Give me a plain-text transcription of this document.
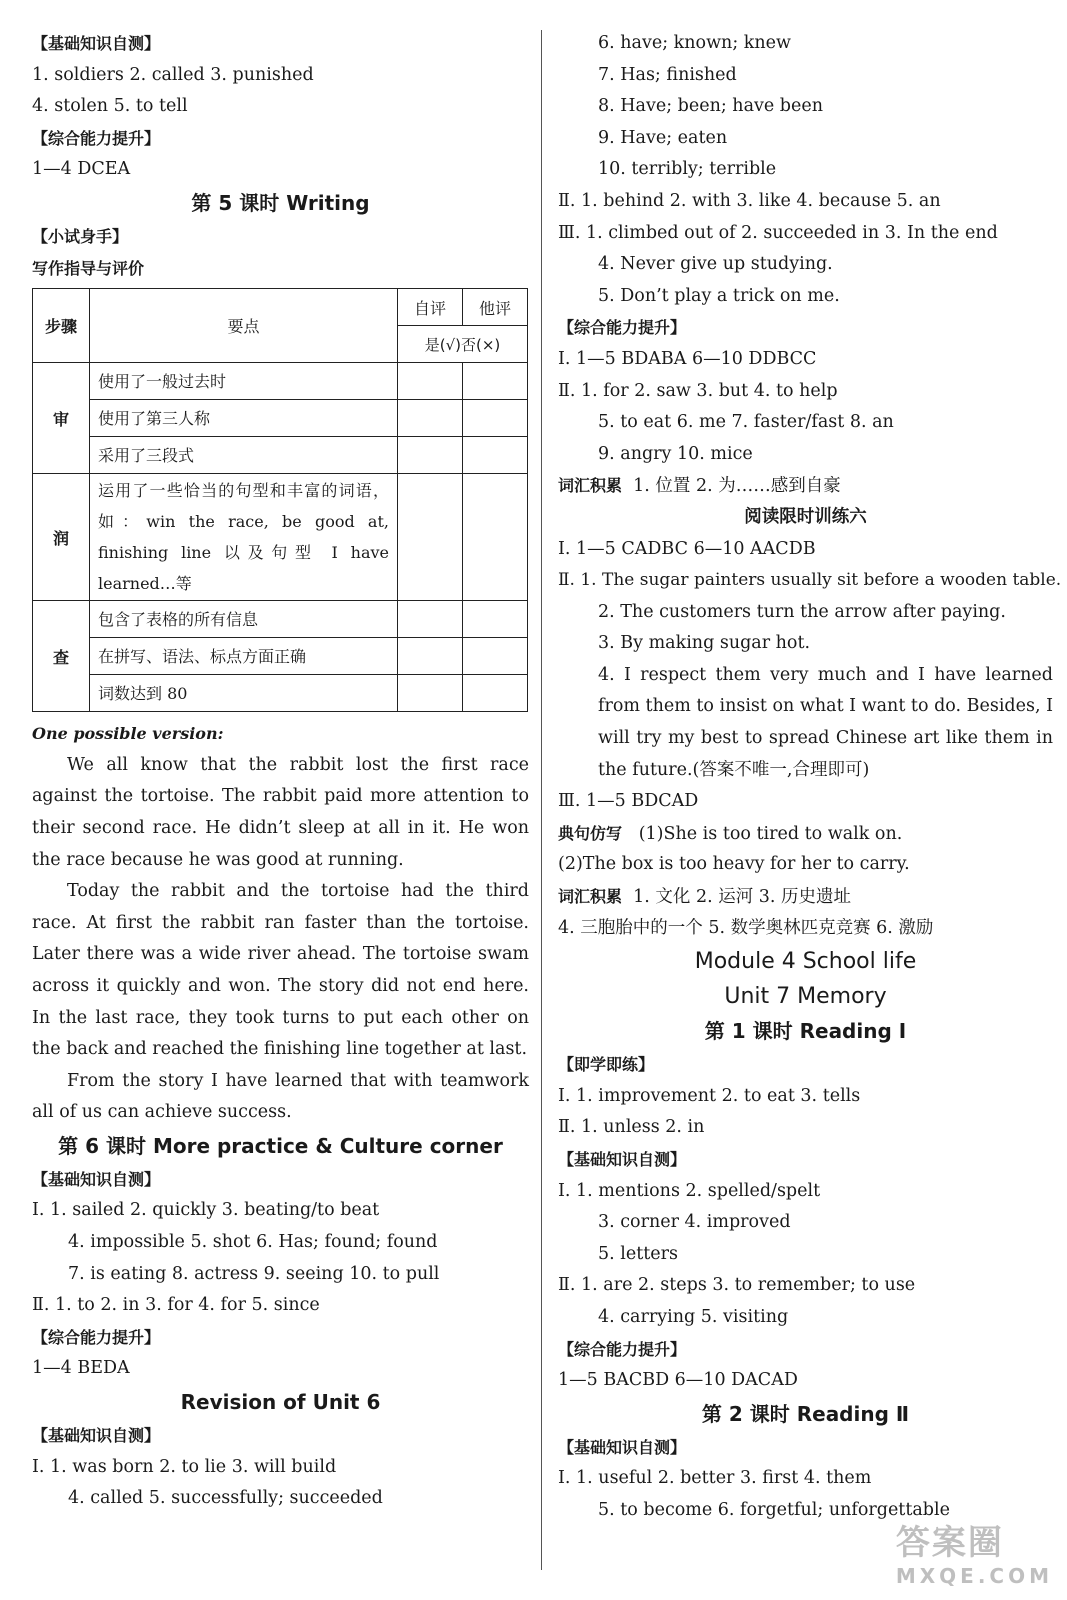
【基础知识自测】
1. soldiers 2. called 3. punished
4. stolen 5. to tell
【综合能力提升】
1—4 DCEA
第 5 课时 Writing
【小试身手】
写作指导与评价
步骤	要点	自评	他评
		是(√)否(×)	
审	使用了一般过去时		
	使用了第三人称		
	采用了三段式		
润	运用了一些恰当的句型和丰富的词语，如：win the race, be good at, finishing line 以及句型 I have learned…等		
查	包含了表格的所有信息		
	在拼写、语法、标点方面正确		
	词数达到 80		
One possible version:

We all know that the rabbit lost the first race against the tortoise. The rabbit paid more attention to their second race. He didn’t sleep at all in it. He won the race because he was good at running.

Today the rabbit and the tortoise had the third race. At first the rabbit ran faster than the tortoise. Later there was a wide river ahead. The tortoise swam across it quickly and won. The story did not end here. In the last race, they took turns to put each other on the back and reached the finishing line together at last.

From the story I have learned that with teamwork all of us can achieve success.

第 6 课时 More practice & Culture corner
【基础知识自测】
Ⅰ. 1. sailed 2. quickly 3. beating/to beat
4. impossible 5. shot 6. Has; found; found
7. is eating 8. actress 9. seeing 10. to pull
Ⅱ. 1. to 2. in 3. for 4. for 5. since
【综合能力提升】
1—4 BEDA
Revision of Unit 6
【基础知识自测】
Ⅰ. 1. was born 2. to lie 3. will build
4. called 5. successfully; succeeded
6. have; known; knew
7. Has; finished
8. Have; been; have been
9. Have; eaten
10. terribly; terrible
Ⅱ. 1. behind 2. with 3. like 4. because 5. an
Ⅲ. 1. climbed out of 2. succeeded in 3. In the end
4. Never give up studying.
5. Don’t play a trick on me.
【综合能力提升】
Ⅰ. 1—5 BDABA 6—10 DDBCC
Ⅱ. 1. for 2. saw 3. but 4. to help
5. to eat 6. me 7. faster/fast 8. an
9. angry 10. mice
词汇积累 1. 位置 2. 为……感到自豪
阅读限时训练六
Ⅰ. 1—5 CADBC 6—10 AACDB
Ⅱ. 1. The sugar painters usually sit before a wooden table.
2. The customers turn the arrow after paying.
3. By making sugar hot.
4. I respect them very much and I have learned from them to insist on what I want to do. Besides, I will try my best to spread Chinese art like them in the future.(答案不唯一,合理即可)
Ⅲ. 1—5 BDCAD
典句仿写 (1)She is too tired to walk on.
(2)The box is too heavy for her to carry.
词汇积累 1. 文化 2. 运河 3. 历史遗址
4. 三胞胎中的一个 5. 数学奥林匹克竞赛 6. 激励
Module 4 School life
Unit 7 Memory
第 1 课时 Reading Ⅰ
【即学即练】
Ⅰ. 1. improvement 2. to eat 3. tells
Ⅱ. 1. unless 2. in
【基础知识自测】
Ⅰ. 1. mentions 2. spelled/spelt
3. corner 4. improved
5. letters
Ⅱ. 1. are 2. steps 3. to remember; to use
4. carrying 5. visiting
【综合能力提升】
1—5 BACBD 6—10 DACAD
第 2 课时 Reading Ⅱ
【基础知识自测】
Ⅰ. 1. useful 2. better 3. first 4. them
5. to become 6. forgetful; unforgettable
答案圈
MXQE.COM
